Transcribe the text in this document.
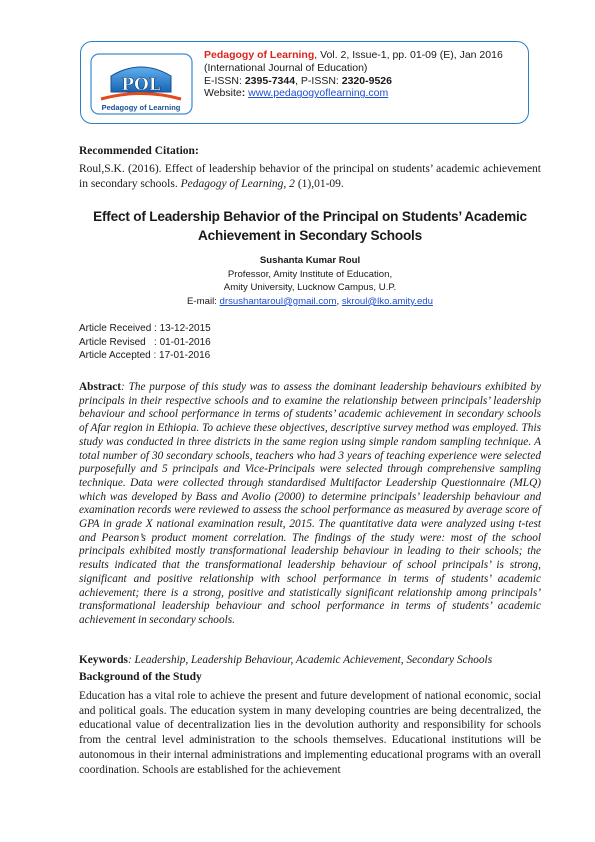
POL
Pedagogy of Learning
Pedagogy of Learning, Vol. 2, Issue-1, pp. 01-09 (E), Jan 2016
(International Journal of Education)
E-ISSN: 2395-7344, P-ISSN: 2320-9526
Website: www.pedagogyoflearning.com
Recommended Citation:
Roul,S.K. (2016). Effect of leadership behavior of the principal on students’ academic achievement in secondary schools. Pedagogy of Learning, 2 (1),01-09.
Effect of Leadership Behavior of the Principal on Students’ Academic
Achievement in Secondary Schools
Sushanta Kumar Roul
Professor, Amity Institute of Education,
Amity University, Lucknow Campus, U.P.
E-mail: drsushantaroul@gmail.com, skroul@lko.amity.edu
Article Received : 13-12-2015
Article Revised   : 01-01-2016
Article Accepted : 17-01-2016
Abstract: The purpose of this study was to assess the dominant leadership behaviours exhibited by principals in their respective schools and to examine the relationship between principals’ leadership behaviour and school performance in terms of students’ academic achievement in secondary schools of Afar region in Ethiopia. To achieve these objectives, descriptive survey method was employed. This study was conducted in three districts in the same region using simple random sampling technique. A total number of 30 secondary schools, teachers who had 3 years of teaching experience were selected purposefully and 5 principals and Vice-Principals were selected through comprehensive sampling technique. Data were collected through standardised Multifactor Leadership Questionnaire (MLQ) which was developed by Bass and Avolio (2000) to determine principals’ leadership behaviour and examination records were reviewed to assess the school performance as measured by average score of GPA in grade X national examination result, 2015. The quantitative data were analyzed using t-test and Pearson’s product moment correlation. The findings of the study were: most of the school principals exhibited mostly transformational leadership behaviour in leading to their schools; the results indicated that the transformational leadership behaviour of school principals’ is strong, significant and positive relationship with school performance in terms of students’ academic achievement; there is a strong, positive and statistically significant relationship among principals’ transformational leadership behaviour and school performance in terms of students’ academic achievement in secondary schools.
Keywords: Leadership, Leadership Behaviour, Academic Achievement, Secondary Schools
Background of the Study
Education has a vital role to achieve the present and future development of national economic, social and political goals. The education system in many developing countries are being decentralized, the educational value of decentralization lies in the devolution authority and responsibility for schools from the central level administration to the schools themselves. Educational institutions will be autonomous in their internal administrations and implementing educational programs with an overall coordination. Schools are established for the achievement
